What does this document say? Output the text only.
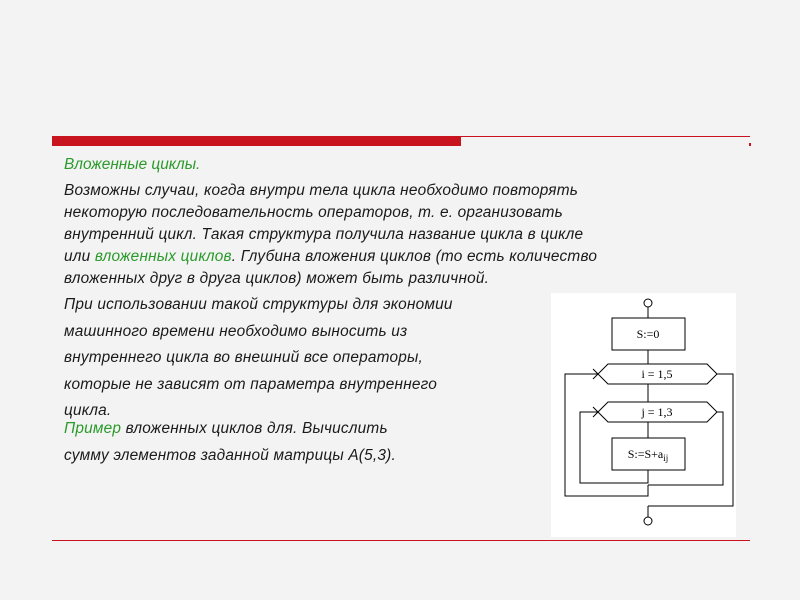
Вложенные циклы.

Возможны случаи, когда внутри тела цикла необходимо повторять
некоторую последовательность операторов, т. е. организовать
внутренний цикл. Такая структура получила название цикла в цикле
или вложенных циклов. Глубина вложения циклов (то есть количество
вложенных друг в друга циклов) может быть различной.
При использовании такой структуры для экономии
машинного времени необходимо выносить из
внутреннего цикла во внешний все операторы,
которые не зависят от параметра внутреннего
цикла.
Пример вложенных циклов для. Вычислить
сумму элементов заданной матрицы А(5,3).
S:=0
i = 1,5
j = 1,3
$S:=S+a_{ij}$
